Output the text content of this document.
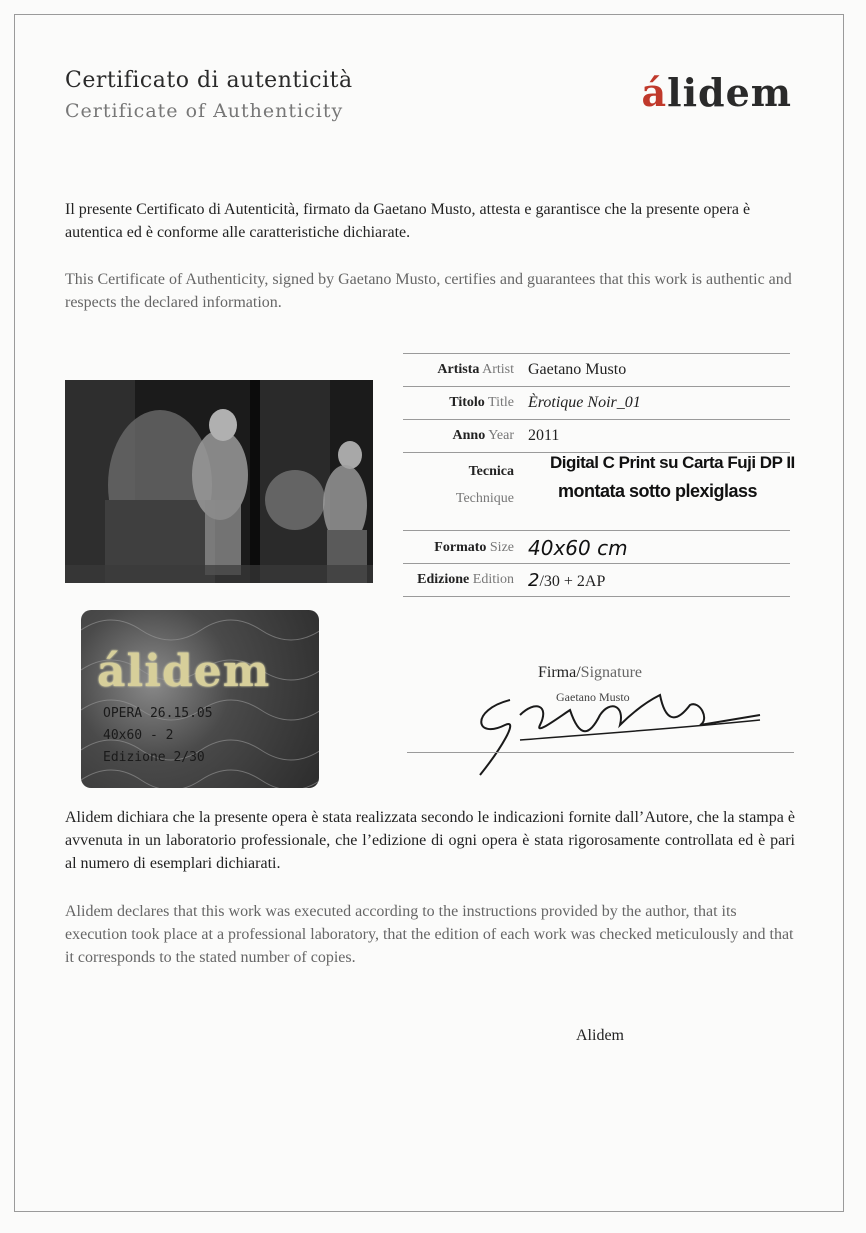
Certificato di autenticità
Certificate of Authenticity	álidem
Il presente Certificato di Autenticità, firmato da Gaetano Musto, attesta e garantisce che la presente opera è autentica ed è conforme alle caratteristiche dichiarate.
This Certificate of Authenticity, signed by Gaetano Musto, certifies and guarantees that this work is authentic and respects the declared information.
álidem
OPERA 26.15.05
40x60 - 2
Edizione 2/30
Artista Artist Gaetano Musto
Titolo Title Èrotique Noir_01
Anno Year 2011
Tecnica
Technique
Digital C Print su Carta Fuji DP II
montata sotto plexiglass
Formato Size 40x60 cm
Edizione Edition 2/30 + 2AP
Firma/Signature
Gaetano Musto
Alidem dichiara che la presente opera è stata realizzata secondo le indicazioni fornite dall’Autore, che la stampa è avvenuta in un laboratorio professionale, che l’edizione di ogni opera è stata rigorosamente controllata ed è pari al numero di esemplari dichiarati.
Alidem declares that this work was executed according to the instructions provided by the author, that its execution took place at a professional laboratory, that the edition of each work was checked meticulously and that it corresponds to the stated number of copies.
Alidem
